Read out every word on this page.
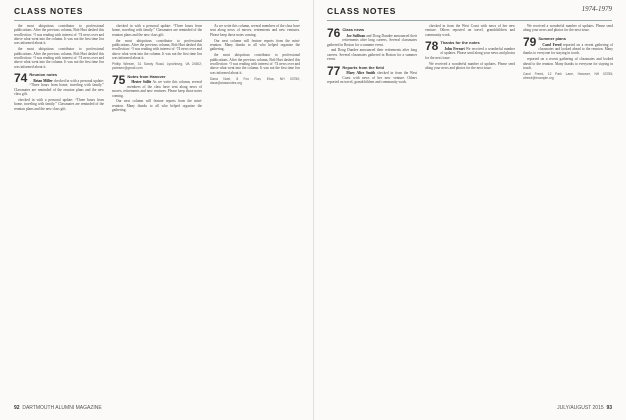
CLASS NOTES

the most ubiquitous contributor to professional publications. After the previous column, Bob Hart dashed this recollection: “I was reading with interest of ‘74 news over and above what went into the column. It was not the first time Jon was informed about it.

the most ubiquitous contributor to professional publications. After the previous column, Bob Hart dashed this recollection: “I was reading with interest of ‘74 news over and above what went into the column. It was not the first time Jon was informed about it.

74 Reunion notes

Brian Miller checked in with a personal update: “Three hours from home, traveling with family.” Classmates are reminded of the reunion plans and the new class gift.

checked in with a personal update: “Three hours from home, traveling with family.” Classmates are reminded of the reunion plans and the new class gift.

checked in with a personal update: “Three hours from home, traveling with family.” Classmates are reminded of the reunion plans and the new class gift.

the most ubiquitous contributor to professional publications. After the previous column, Bob Hart dashed this recollection: “I was reading with interest of ‘74 news over and above what went into the column. It was not the first time Jon was informed about it.

Phillip Wiesen, 31 Sandy Road, Lynchburg, VA 24502; pwiesen@gmail.com

75 Notes from Hanover

Hester Sollie As we write this column, several members of the class have sent along news of moves, retirements and new ventures. Please keep those notes coming.

Our next column will feature reports from the mini-reunion. Many thanks to all who helped organize the gathering.

As we write this column, several members of the class have sent along news of moves, retirements and new ventures. Please keep those notes coming.

Our next column will feature reports from the mini-reunion. Many thanks to all who helped organize the gathering.

the most ubiquitous contributor to professional publications. After the previous column, Bob Hart dashed this recollection: “I was reading with interest of ‘74 news over and above what went into the column. It was not the first time Jon was informed about it.

Dana Noel, 8 Fox Run, Etna, NH 03750; dana@classnotes.org

92 DARTMOUTH ALUMNI MAGAZINE
CLASS NOTES	1974-1979
76 Class news

Joe Sullivan and Doug Dundee announced their retirements after long careers. Several classmates gathered in Boston for a summer event.

and Doug Dundee announced their retirements after long careers. Several classmates gathered in Boston for a summer event.

77 Reports from the field

Mary Alice Smith checked in from the West Coast with news of her new venture. Others reported on travel, grandchildren and community work.

checked in from the West Coast with news of her new venture. Others reported on travel, grandchildren and community work.

78 Thanks for the notes

John Ferrari We received a wonderful number of updates. Please send along your news and photos for the next issue.

We received a wonderful number of updates. Please send along your news and photos for the next issue.

We received a wonderful number of updates. Please send along your news and photos for the next issue.

79 Summer plans

Carol Freed reported on a recent gathering of classmates and looked ahead to the reunion. Many thanks to everyone for staying in touch.

reported on a recent gathering of classmates and looked ahead to the reunion. Many thanks to everyone for staying in touch.

Carol Freed, 12 Park Lane, Hanover, NH 03755; cfreed@example.org

JULY/AUGUST 2015 93
